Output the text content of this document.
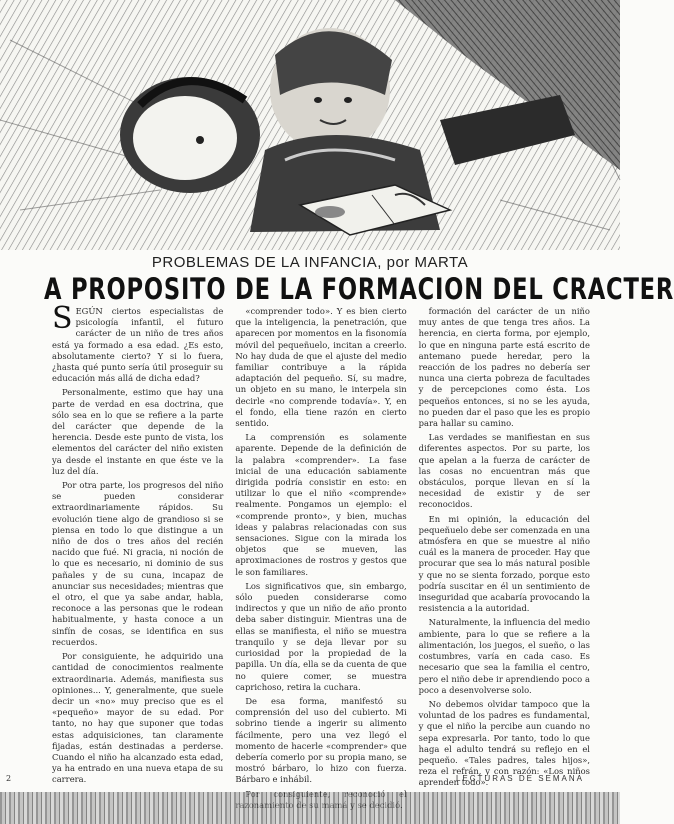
PROBLEMAS DE LA INFANCIA, por MARTA
A PROPOSITO DE LA FORMACION DEL CRACTER

SEGÚN ciertos especialistas de psicología infantil, el futuro carácter de un niño de tres años está ya formado a esa edad. ¿Es esto, absolutamente cierto? Y si lo fuera, ¿hasta qué punto sería útil proseguir su educación más allá de dicha edad?

Personalmente, estimo que hay una parte de verdad en esa doctrina, que sólo sea en lo que se refiere a la parte del carácter que depende de la herencia. Desde este punto de vista, los elementos del carácter del niño existen ya desde el instante en que éste ve la luz del día.

Por otra parte, los progresos del niño se pueden considerar extraordinariamente rápidos. Su evolución tiene algo de grandioso si se piensa en todo lo que distingue a un niño de dos o tres años del recién nacido que fué. Ni gracia, ni noción de lo que es necesario, ni dominio de sus pañales y de su cuna, incapaz de anunciar sus necesidades; mientras que el otro, el que ya sabe andar, habla, reconoce a las personas que le rodean habitualmente, y hasta conoce a un sinfín de cosas, se identifica en sus recuerdos.

Por consiguiente, he adquirido una cantidad de conocimientos realmente extraordinaria. Además, manifiesta sus opiniones... Y, generalmente, que suele decir un «no» muy preciso que es el «pequeño» mayor de su edad. Por tanto, no hay que suponer que todas estas adquisiciones, tan claramente fijadas, están destinadas a perderse. Cuando el niño ha alcanzado esta edad, ya ha entrado en una nueva etapa de su carrera.

«comprender todo». Y es bien cierto que la inteligencia, la penetración, que aparecen por momentos en la fisonomía móvil del pequeñuelo, incitan a creerlo. No hay duda de que el ajuste del medio familiar contribuye a la rápida adaptación del pequeño. Sí, su madre, un objeto en su mano, le interpela sin decirle «no comprende todavía». Y, en el fondo, ella tiene razón en cierto sentido.

La comprensión es solamente aparente. Depende de la definición de la palabra «comprender». La fase inicial de una educación sabiamente dirigida podría consistir en esto: en utilizar lo que el niño «comprende» realmente. Pongamos un ejemplo: el «comprende pronto», y bien, muchas ideas y palabras relacionadas con sus sensaciones. Sigue con la mirada los objetos que se mueven, las aproximaciones de rostros y gestos que le son familiares.

Los significativos que, sin embargo, sólo pueden considerarse como indirectos y que un niño de año pronto deba saber distinguir. Mientras una de ellas se manifiesta, el niño se muestra tranquilo y se deja llevar por su curiosidad por la propiedad de la papilla. Un día, ella se da cuenta de que no quiere comer, se muestra caprichoso, retira la cuchara.

De esa forma, manifestó su comprensión del uso del cubierto. Mi sobrino tiende a ingerir su alimento fácilmente, pero una vez llegó el momento de hacerle «comprender» que debería comerlo por su propia mano, se mostró bárbaro, lo hizo con fuerza. Bárbaro e inhábil.

formación del carácter de un niño muy antes de que tenga tres años. La herencia, en cierta forma, por ejemplo, lo que en ninguna parte está escrito de antemano puede heredar, pero la reacción de los padres no debería ser nunca una cierta pobreza de facultades y de percepciones como ésta. Los pequeños entonces, si no se les ayuda, no pueden dar el paso que les es propio para hallar su camino.

Las verdades se manifiestan en sus diferentes aspectos. Por su parte, los que apelan a la fuerza de carácter de las cosas no encuentran más que obstáculos, porque llevan en sí la necesidad de existir y de ser reconocidos.

En mi opinión, la educación del pequeñuelo debe ser comenzada en una atmósfera en que se muestre al niño cuál es la manera de proceder. Hay que procurar que sea lo más natural posible y que no se sienta forzado, porque esto podría suscitar en él un sentimiento de inseguridad que acabaría provocando la resistencia a la autoridad.

Naturalmente, la influencia del medio ambiente, para lo que se refiere a la alimentación, los juegos, el sueño, o las costumbres, varía en cada caso. Es necesario que sea la familia el centro, pero el niño debe ir aprendiendo poco a poco a desenvolverse solo.

No debemos olvidar tampoco que la voluntad de los padres es fundamental, y que el niño la percibe aun cuando no sepa expresarla. Por tanto, todo lo que haga el adulto tendrá su reflejo en el pequeño. «Tales padres, tales hijos», reza el refrán, y con razón: «Los niños aprenden todo».

2	LECTURAS DE SEMANA
